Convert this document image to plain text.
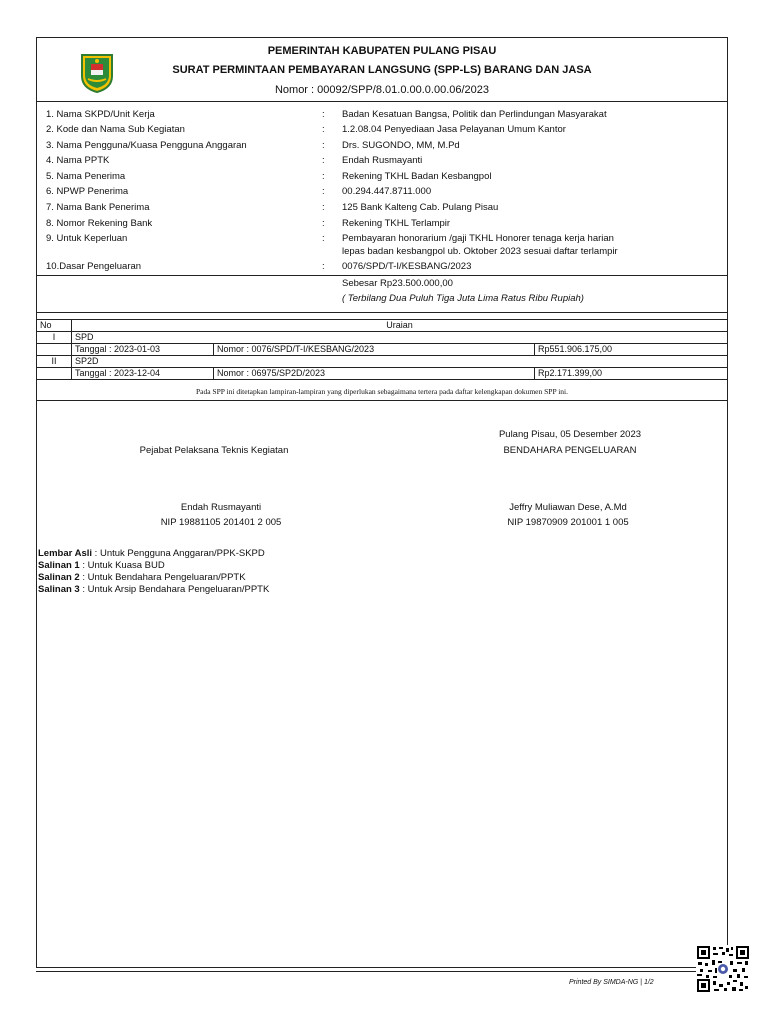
PEMERINTAH KABUPATEN PULANG PISAU
SURAT PERMINTAAN PEMBAYARAN LANGSUNG (SPP-LS) BARANG DAN JASA
Nomor : 00092/SPP/8.01.0.00.0.00.06/2023
1. Nama SKPD/Unit Kerja	: Badan Kesatuan Bangsa, Politik dan Perlindungan Masyarakat
2. Kode dan Nama Sub Kegiatan	: 1.2.08.04 Penyediaan Jasa Pelayanan Umum Kantor
3. Nama Pengguna/Kuasa Pengguna Anggaran	: Drs. SUGONDO, MM, M.Pd
4. Nama PPTK	: Endah Rusmayanti
5. Nama Penerima	: Rekening TKHL Badan Kesbangpol
6. NPWP Penerima	: 00.294.447.8711.000
7. Nama Bank Penerima	: 125 Bank Kalteng Cab. Pulang Pisau
8. Nomor Rekening Bank	: Rekening TKHL Terlampir
9. Untuk Keperluan	: Pembayaran honorarium /gaji TKHL Honorer tenaga kerja harian
lepas badan kesbangpol ub. Oktober 2023 sesuai daftar terlampir
10.Dasar Pengeluaran	: 0076/SPD/T-I/KESBANG/2023
Sebesar Rp23.500.000,00
( Terbilang Dua Puluh Tiga Juta Lima Ratus Ribu Rupiah)
No	Uraian		
I	SPD		
	Tanggal : 2023-01-03	Nomor : 0076/SPD/T-I/KESBANG/2023	Rp551.906.175,00
II	SP2D		
	Tanggal : 2023-12-04	Nomor : 06975/SP2D/2023	Rp2.171.399,00
Pada SPP ini ditetapkan lampiran-lampiran yang diperlukan sebagaimana tertera pada daftar kelengkapan dokumen SPP ini.
Pulang Pisau, 05 Desember 2023
Pejabat Pelaksana Teknis Kegiatan	BENDAHARA PENGELUARAN
Endah Rusmayanti	Jeffry Muliawan Dese, A.Md
NIP 19881105 201401 2 005	NIP 19870909 201001 1 005
Lembar Asli : Untuk Pengguna Anggaran/PPK-SKPD
Salinan 1 : Untuk Kuasa BUD
Salinan 2 : Untuk Bendahara Pengeluaran/PPTK
Salinan 3 : Untuk Arsip Bendahara Pengeluaran/PPTK
Printed By SIMDA-NG | 1/2
